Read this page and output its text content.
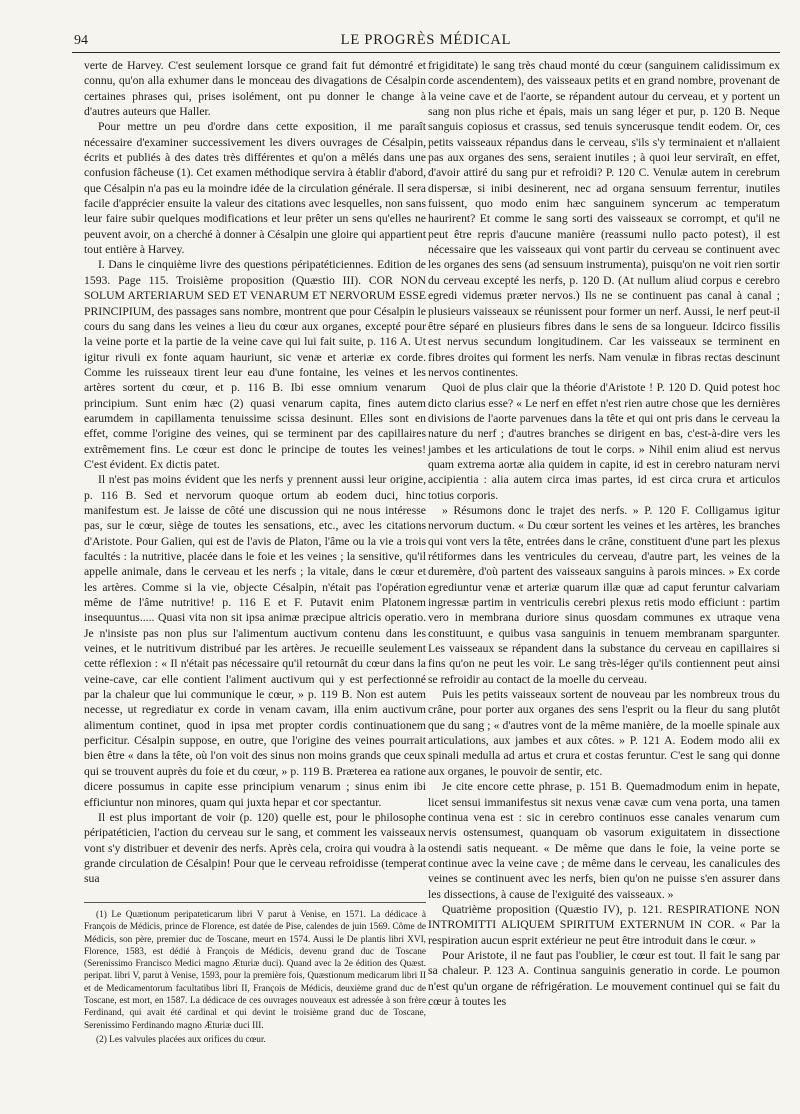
94	LE PROGRÈS MÉDICAL

verte de Harvey. C'est seulement lorsque ce grand fait fut démontré et connu, qu'on alla exhumer dans le monceau des divagations de Césalpin certaines phrases qui, prises isolément, ont pu donner le change à d'autres auteurs que Haller.

Pour mettre un peu d'ordre dans cette exposition, il me paraît nécessaire d'examiner successivement les divers ouvrages de Césalpin, écrits et publiés à des dates très différentes et qu'on a mêlés dans une confusion fâcheuse (1). Cet examen méthodique servira à établir d'abord, que Césalpin n'a pas eu la moindre idée de la circulation générale. Il sera facile d'apprécier ensuite la valeur des citations avec lesquelles, non sans leur faire subir quelques modifications et leur prêter un sens qu'elles ne peuvent avoir, on a cherché à donner à Césalpin une gloire qui appartient tout entière à Harvey.

I. Dans le cinquième livre des questions péripatéticiennes. Edition de 1593. Page 115. Troisième proposition (Quæstio III). COR NON SOLUM ARTERIARUM SED ET VENARUM ET NERVORUM ESSE PRINCIPIUM, des passages sans nombre, montrent que pour Césalpin le cours du sang dans les veines a lieu du cœur aux organes, excepté pour la veine porte et la partie de la veine cave qui lui fait suite, p. 116 A. Ut igitur rivuli ex fonte aquam hauriunt, sic venæ et arteriæ ex corde. Comme les ruisseaux tirent leur eau d'une fontaine, les veines et les artères sortent du cœur, et p. 116 B. Ibi esse omnium venarum principium. Sunt enim hæc (2) quasi venarum capita, fines autem earumdem in capillamenta tenuissime scissa desinunt. Elles sont en effet, comme l'origine des veines, qui se terminent par des capillaires extrêmement fins. Le cœur est donc le principe de toutes les veines! C'est évident. Ex dictis patet.

Il n'est pas moins évident que les nerfs y prennent aussi leur origine, p. 116 B. Sed et nervorum quoque ortum ab eodem duci, hinc manifestum est. Je laisse de côté une discussion qui ne nous intéresse pas, sur le cœur, siège de toutes les sensations, etc., avec les citations d'Aristote. Pour Galien, qui est de l'avis de Platon, l'âme ou la vie a trois facultés : la nutritive, placée dans le foie et les veines ; la sensitive, qu'il appelle animale, dans le cerveau et les nerfs ; la vitale, dans le cœur et les artères. Comme si la vie, objecte Césalpin, n'était pas l'opération même de l'âme nutritive! p. 116 E et F. Putavit enim Platonem insequuntus..... Quasi vita non sit ipsa animæ præcipue altricis operatio. Je n'insiste pas non plus sur l'alimentum auctivum contenu dans les veines, et le nutritivum distribué par les artères. Je recueille seulement cette réflexion : « Il n'était pas nécessaire qu'il retournât du cœur dans la veine-cave, car elle contient l'aliment auctivum qui y est perfectionné par la chaleur que lui communique le cœur, » p. 119 B. Non est autem necesse, ut regrediatur ex corde in venam cavam, illa enim auctivum alimentum continet, quod in ipsa met propter cordis continuationem perficitur. Césalpin suppose, en outre, que l'origine des veines pourrait bien être « dans la tête, où l'on voit des sinus non moins grands que ceux qui se trouvent auprès du foie et du cœur, » p. 119 B. Præterea ea ratione dicere possumus in capite esse principium venarum ; sinus enim ibi efficiuntur non minores, quam qui juxta hepar et cor spectantur.

Il est plus important de voir (p. 120) quelle est, pour le philosophe péripatéticien, l'action du cerveau sur le sang, et comment les vaisseaux vont s'y distribuer et devenir des nerfs. Après cela, croira qui voudra à la grande circulation de Césalpin! Pour que le cerveau refroidisse (temperat sua

frigiditate) le sang très chaud monté du cœur (sanguinem calidissimum ex corde ascendentem), des vaisseaux petits et en grand nombre, provenant de la veine cave et de l'aorte, se répandent autour du cerveau, et y portent un sang non plus riche et épais, mais un sang léger et pur, p. 120 B. Neque sanguis copiosus et crassus, sed tenuis syncerusque tendit eodem. Or, ces petits vaisseaux répandus dans le cerveau, s'ils s'y terminaient et n'allaient pas aux organes des sens, seraient inutiles ; à quoi leur serviraît, en effet, d'avoir attiré du sang pur et refroidi? P. 120 C. Venulæ autem in cerebrum dispersæ, si inibi desinerent, nec ad organa sensuum ferrentur, inutiles fuissent, quo modo enim hæc sanguinem syncerum ac temperatum haurirent? Et comme le sang sorti des vaisseaux se corrompt, et qu'il ne peut être repris d'aucune manière (reassumi nullo pacto potest), il est nécessaire que les vaisseaux qui vont partir du cerveau se continuent avec les organes des sens (ad sensuum instrumenta), puisqu'on ne voit rien sortir du cerveau excepté les nerfs, p. 120 D. (At nullum aliud corpus e cerebro egredi videmus præter nervos.) Ils ne se continuent pas canal à canal ; plusieurs vaisseaux se réunissent pour former un nerf. Aussi, le nerf peut-il être séparé en plusieurs fibres dans le sens de sa longueur. Idcirco fissilis est nervus secundum longitudinem. Car les vaisseaux se terminent en fibres droites qui forment les nerfs. Nam venulæ in fibras rectas descinunt nervos continentes.

Quoi de plus clair que la théorie d'Aristote ! P. 120 D. Quid potest hoc dicto clarius esse? « Le nerf en effet n'est rien autre chose que les dernières divisions de l'aorte parvenues dans la tête et qui ont pris dans le cerveau la nature du nerf ; d'autres branches se dirigent en bas, c'est-à-dire vers les jambes et les articulations de tout le corps. » Nihil enim aliud est nervus quam extrema aortæ alia quidem in capite, id est in cerebro naturam nervi accipientia : alia autem circa imas partes, id est circa crura et articulos totius corporis.

» Résumons donc le trajet des nerfs. » P. 120 F. Colligamus igitur nervorum ductum. « Du cœur sortent les veines et les artères, les branches qui vont vers la tête, entrées dans le crâne, constituent d'une part les plexus rétiformes dans les ventricules du cerveau, d'autre part, les veines de la duremère, d'où partent des vaisseaux sanguins à parois minces. » Ex corde egrediuntur venæ et arteriæ quarum illæ quæ ad caput feruntur calvariam ingressæ partim in ventriculis cerebri plexus retis modo efficiunt : partim vero in membrana duriore sinus quosdam communes ex utraque vena constituunt, e quibus vasa sanguinis in tenuem membranam spargunter. Les vaisseaux se répandent dans la substance du cerveau en capillaires si fins qu'on ne peut les voir. Le sang très-léger qu'ils contiennent peut ainsi se refroidir au contact de la moelle du cerveau.

Puis les petits vaisseaux sortent de nouveau par les nombreux trous du crâne, pour porter aux organes des sens l'esprit ou la fleur du sang plutôt que du sang ; « d'autres vont de la même manière, de la moelle spinale aux articulations, aux jambes et aux côtes. » P. 121 A. Eodem modo alii ex spinali medulla ad artus et crura et costas feruntur. C'est le sang qui donne aux organes, le pouvoir de sentir, etc.

Je cite encore cette phrase, p. 151 B. Quemadmodum enim in hepate, licet sensui immanifestus sit nexus venæ cavæ cum vena porta, una tamen continua vena est : sic in cerebro continuos esse canales venarum cum nervis ostensumest, quanquam ob vasorum exiguitatem in dissectione ostendi satis nequeant. « De même que dans le foie, la veine porte se continue avec la veine cave ; de même dans le cerveau, les canalicules des veines se continuent avec les nerfs, bien qu'on ne puisse s'en assurer dans les dissections, à cause de l'exiguité des vaisseaux. »

Quatrième proposition (Quæstio IV), p. 121. RESPIRATIONE NON INTROMITTI ALIQUEM SPIRITUM EXTERNUM IN COR. « Par la respiration aucun esprit extérieur ne peut être introduit dans le cœur. »

Pour Aristote, il ne faut pas l'oublier, le cœur est tout. Il fait le sang par sa chaleur. P. 123 A. Continua sanguinis generatio in corde. Le poumon n'est qu'un organe de réfrigération. Le mouvement continuel qui se fait du cœur à toutes les

(1) Le Quætionum peripateticarum libri V parut à Venise, en 1571. La dédicace à François de Médicis, prince de Florence, est datée de Pise, calendes de juin 1569. Côme de Médicis, son père, premier duc de Toscane, meurt en 1574. Aussi le De plantis libri XVI, Florence, 1583, est dédié à François de Médicis, devenu grand duc de Toscane (Serenissimo Francisco Medici magno Æturiæ duci). Quand avec la 2e édition des Quæst. peripat. libri V, parut à Venise, 1593, pour la première fois, Quæstionum medicarum libri II et de Medicamentorum facultatibus libri II, François de Médicis, deuxième grand duc de Toscane, est mort, en 1587. La dédicace de ces ouvrages nouveaux est adressée à son frère Ferdinand, qui avait été cardinal et qui devint le troisième grand duc de Toscane, Serenissimo Ferdinando magno Æturiæ duci III.

(2) Les valvules placées aux orifices du cœur.
